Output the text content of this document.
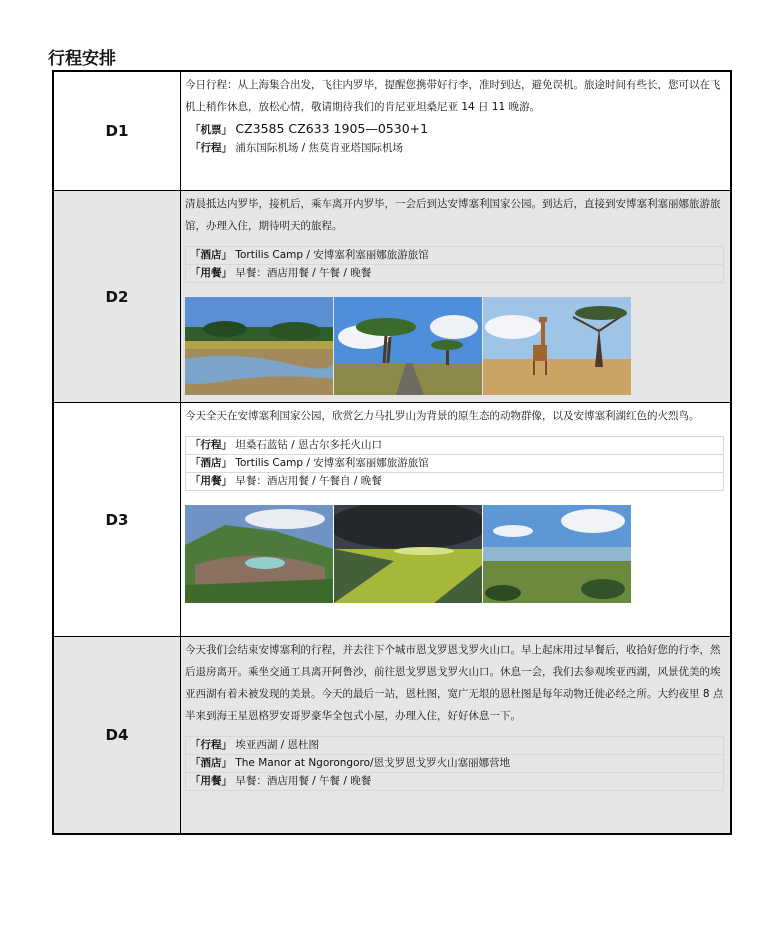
行程安排
D1	今日行程：从上海集合出发，飞往内罗毕，提醒您携带好行李，准时到达，避免误机。旅途时间有些长，您可以在飞机上稍作休息，放松心情，敬请期待我们的肯尼亚坦桑尼亚 14 日 11 晚游。
「机票」 CZ3585 CZ633 1905—0530+1
「行程」 浦东国际机场 / 焦莫肯亚塔国际机场

D2	清晨抵达内罗毕，接机后，乘车离开内罗毕，一会后到达安博塞利国家公园。到达后，直接到安博塞利塞丽娜旅游旅馆，办理入住，期待明天的旅程。
「酒店」 Tortilis Camp / 安博塞利塞丽娜旅游旅馆
「用餐」 早餐：酒店用餐 / 午餐 / 晚餐

D3	今天全天在安博塞利国家公园，欣赏乞力马扎罗山为背景的原生态的动物群像，以及安博塞利湖红色的火烈鸟。
「行程」 坦桑石蓝钻 / 恩古尔多托火山口
「酒店」 Tortilis Camp / 安博塞利塞丽娜旅游旅馆
「用餐」 早餐：酒店用餐 / 午餐自 / 晚餐

D4	今天我们会结束安博塞利的行程，并去往下个城市恩戈罗恩戈罗火山口。早上起床用过早餐后，收拾好您的行李，然后退房离开。乘坐交通工具离开阿鲁沙，前往恩戈罗恩戈罗火山口。休息一会，我们去参观埃亚西湖，风景优美的埃亚西湖有着未被发现的美景。今天的最后一站，恩杜图，宽广无垠的恩杜图是每年动物迁徙必经之所。大约夜里 8 点半来到海王星恩格罗安哥罗豪华全包式小屋，办理入住，好好休息一下。
「行程」 埃亚西湖 / 恩杜图
「酒店」 The Manor at Ngorongoro/恩戈罗恩戈罗火山塞丽娜营地
「用餐」 早餐：酒店用餐 / 午餐 / 晚餐
